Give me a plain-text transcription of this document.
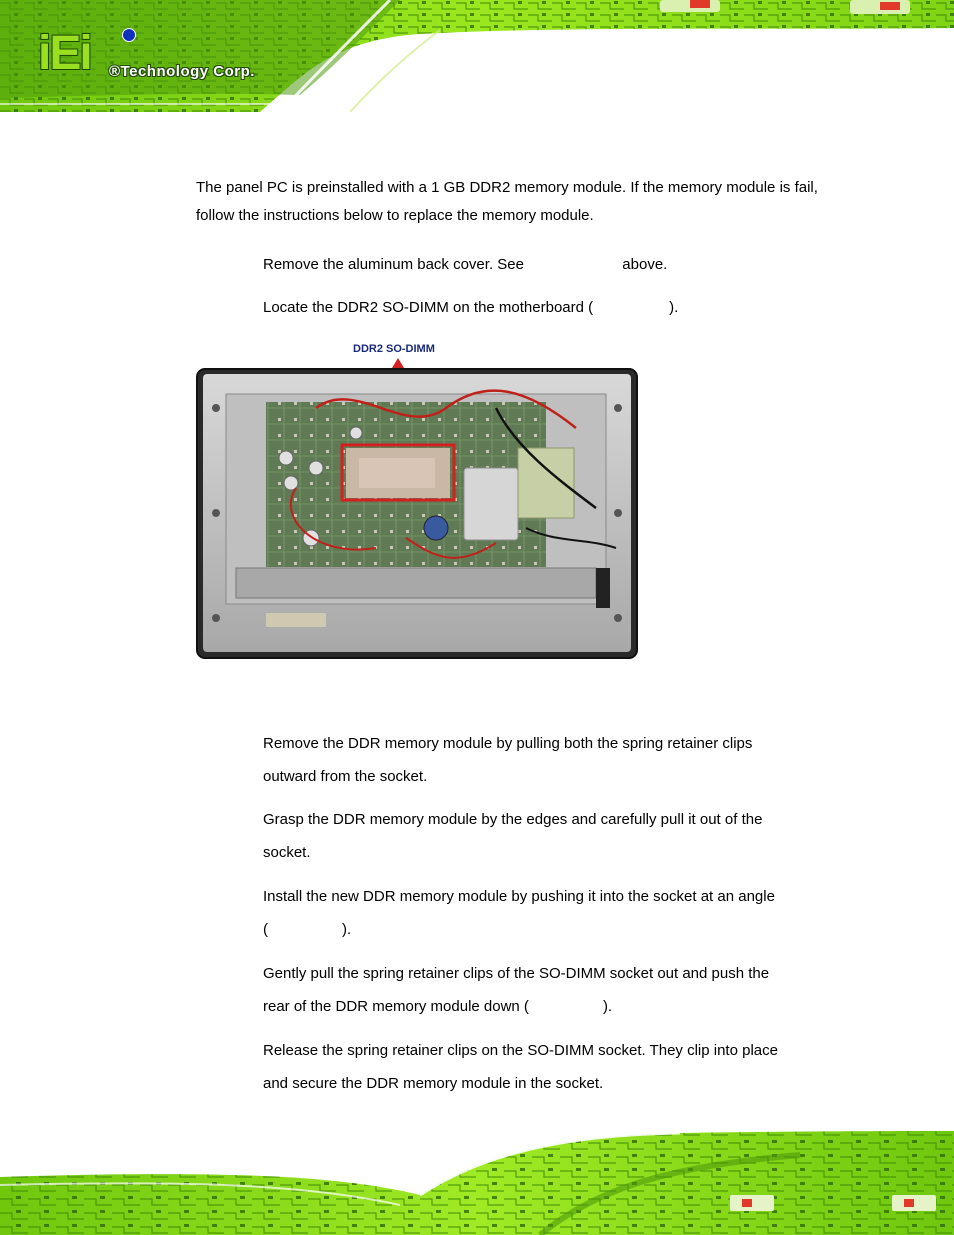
iEi ®Technology Corp.
The panel PC is preinstalled with a 1 GB DDR2 memory module. If the memory module is fail, follow the instructions below to replace the memory module.
Remove the aluminum back cover. See	above.
Locate the DDR2 SO-DIMM on the motherboard (	).
DDR2 SO-DIMM
Remove the DDR memory module by pulling both the spring retainer clips
outward from the socket.
Grasp the DDR memory module by the edges and carefully pull it out of the
socket.
Install the new DDR memory module by pushing it into the socket at an angle
(	).
Gently pull the spring retainer clips of the SO-DIMM socket out and push the
rear of the DDR memory module down (	).
Release the spring retainer clips on the SO-DIMM socket. They clip into place
and secure the DDR memory module in the socket.
